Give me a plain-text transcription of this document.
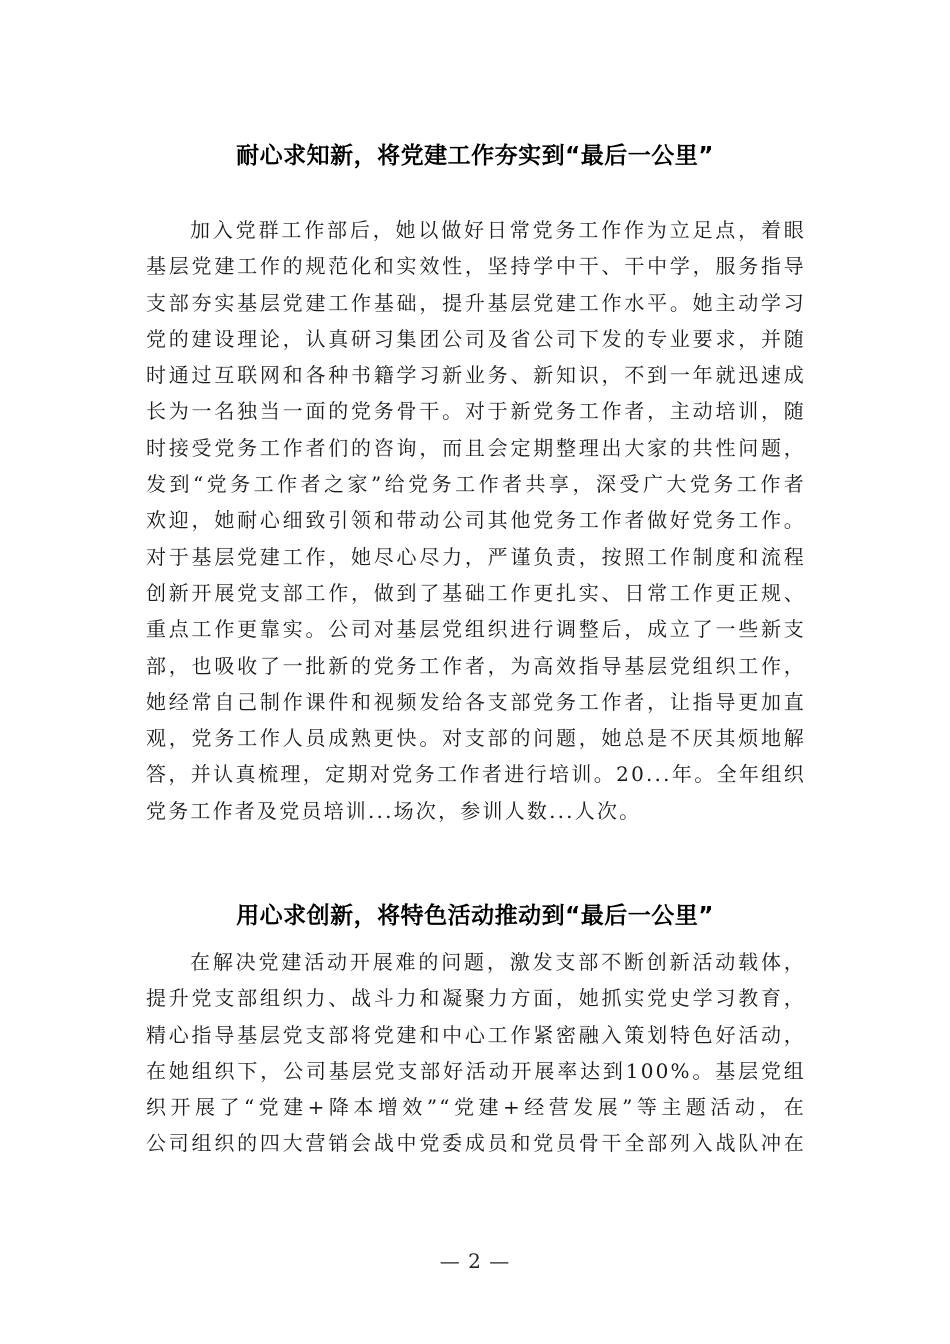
耐心求知新，将党建工作夯实到“最后一公里”
加入党群工作部后，她以做好日常党务工作作为立足点，着眼
基层党建工作的规范化和实效性，坚持学中干、干中学，服务指导
支部夯实基层党建工作基础，提升基层党建工作水平。她主动学习
党的建设理论，认真研习集团公司及省公司下发的专业要求，并随
时通过互联网和各种书籍学习新业务、新知识，不到一年就迅速成
长为一名独当一面的党务骨干。对于新党务工作者，主动培训，随
时接受党务工作者们的咨询，而且会定期整理出大家的共性问题，
发到“党务工作者之家”给党务工作者共享，深受广大党务工作者
欢迎，她耐心细致引领和带动公司其他党务工作者做好党务工作。
对于基层党建工作，她尽心尽力，严谨负责，按照工作制度和流程
创新开展党支部工作，做到了基础工作更扎实、日常工作更正规、
重点工作更靠实。公司对基层党组织进行调整后，成立了一些新支
部，也吸收了一批新的党务工作者，为高效指导基层党组织工作，
她经常自己制作课件和视频发给各支部党务工作者，让指导更加直
观，党务工作人员成熟更快。对支部的问题，她总是不厌其烦地解
答，并认真梳理，定期对党务工作者进行培训。20...年。全年组织
党务工作者及党员培训...场次，参训人数...人次。
用心求创新，将特色活动推动到“最后一公里”
在解决党建活动开展难的问题，激发支部不断创新活动载体，
提升党支部组织力、战斗力和凝聚力方面，她抓实党史学习教育，
精心指导基层党支部将党建和中心工作紧密融入策划特色好活动，
在她组织下，公司基层党支部好活动开展率达到100%。基层党组
织开展了“党建+降本增效”“党建+经营发展”等主题活动，在
公司组织的四大营销会战中党委成员和党员骨干全部列入战队冲在
— 2 —
